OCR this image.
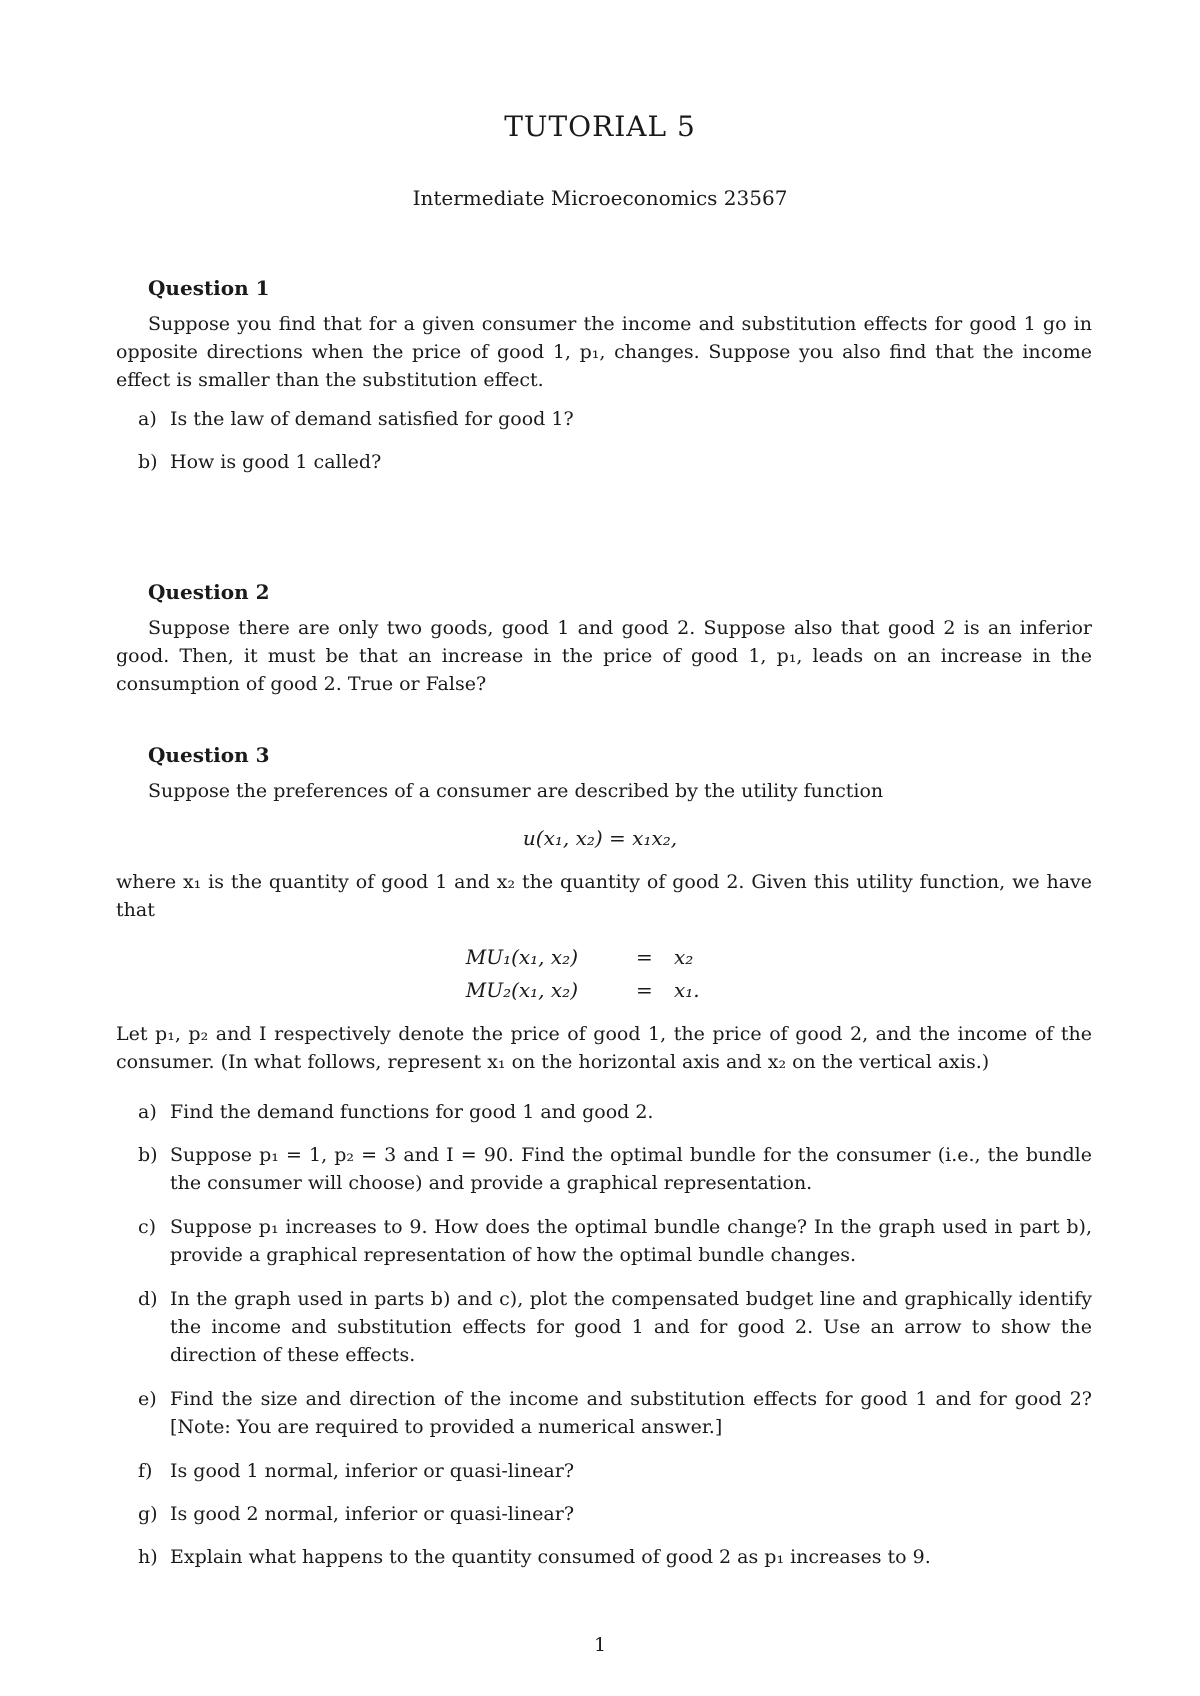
TUTORIAL 5
Intermediate Microeconomics 23567
Question 1
Suppose you find that for a given consumer the income and substitution effects for good 1 go in opposite directions when the price of good 1, p₁, changes. Suppose you also find that the income effect is smaller than the substitution effect.
a) Is the law of demand satisfied for good 1?
b) How is good 1 called?
Question 2
Suppose there are only two goods, good 1 and good 2. Suppose also that good 2 is an inferior good. Then, it must be that an increase in the price of good 1, p₁, leads on an increase in the consumption of good 2. True or False?
Question 3
Suppose the preferences of a consumer are described by the utility function
u(x₁, x₂) = x₁x₂,
where x₁ is the quantity of good 1 and x₂ the quantity of good 2. Given this utility function, we have that
MU₁(x₁, x₂)	= x₂
MU₂(x₁, x₂)	= x₁.
Let p₁, p₂ and I respectively denote the price of good 1, the price of good 2, and the income of the consumer. (In what follows, represent x₁ on the horizontal axis and x₂ on the vertical axis.)
a) Find the demand functions for good 1 and good 2.
b) Suppose p₁ = 1, p₂ = 3 and I = 90. Find the optimal bundle for the consumer (i.e., the bundle the consumer will choose) and provide a graphical representation.
c) Suppose p₁ increases to 9. How does the optimal bundle change? In the graph used in part b), provide a graphical representation of how the optimal bundle changes.
d) In the graph used in parts b) and c), plot the compensated budget line and graphically identify the income and substitution effects for good 1 and for good 2. Use an arrow to show the direction of these effects.
e) Find the size and direction of the income and substitution effects for good 1 and for good 2? [Note: You are required to provided a numerical answer.]
f) Is good 1 normal, inferior or quasi-linear?
g) Is good 2 normal, inferior or quasi-linear?
h) Explain what happens to the quantity consumed of good 2 as p₁ increases to 9.
1
